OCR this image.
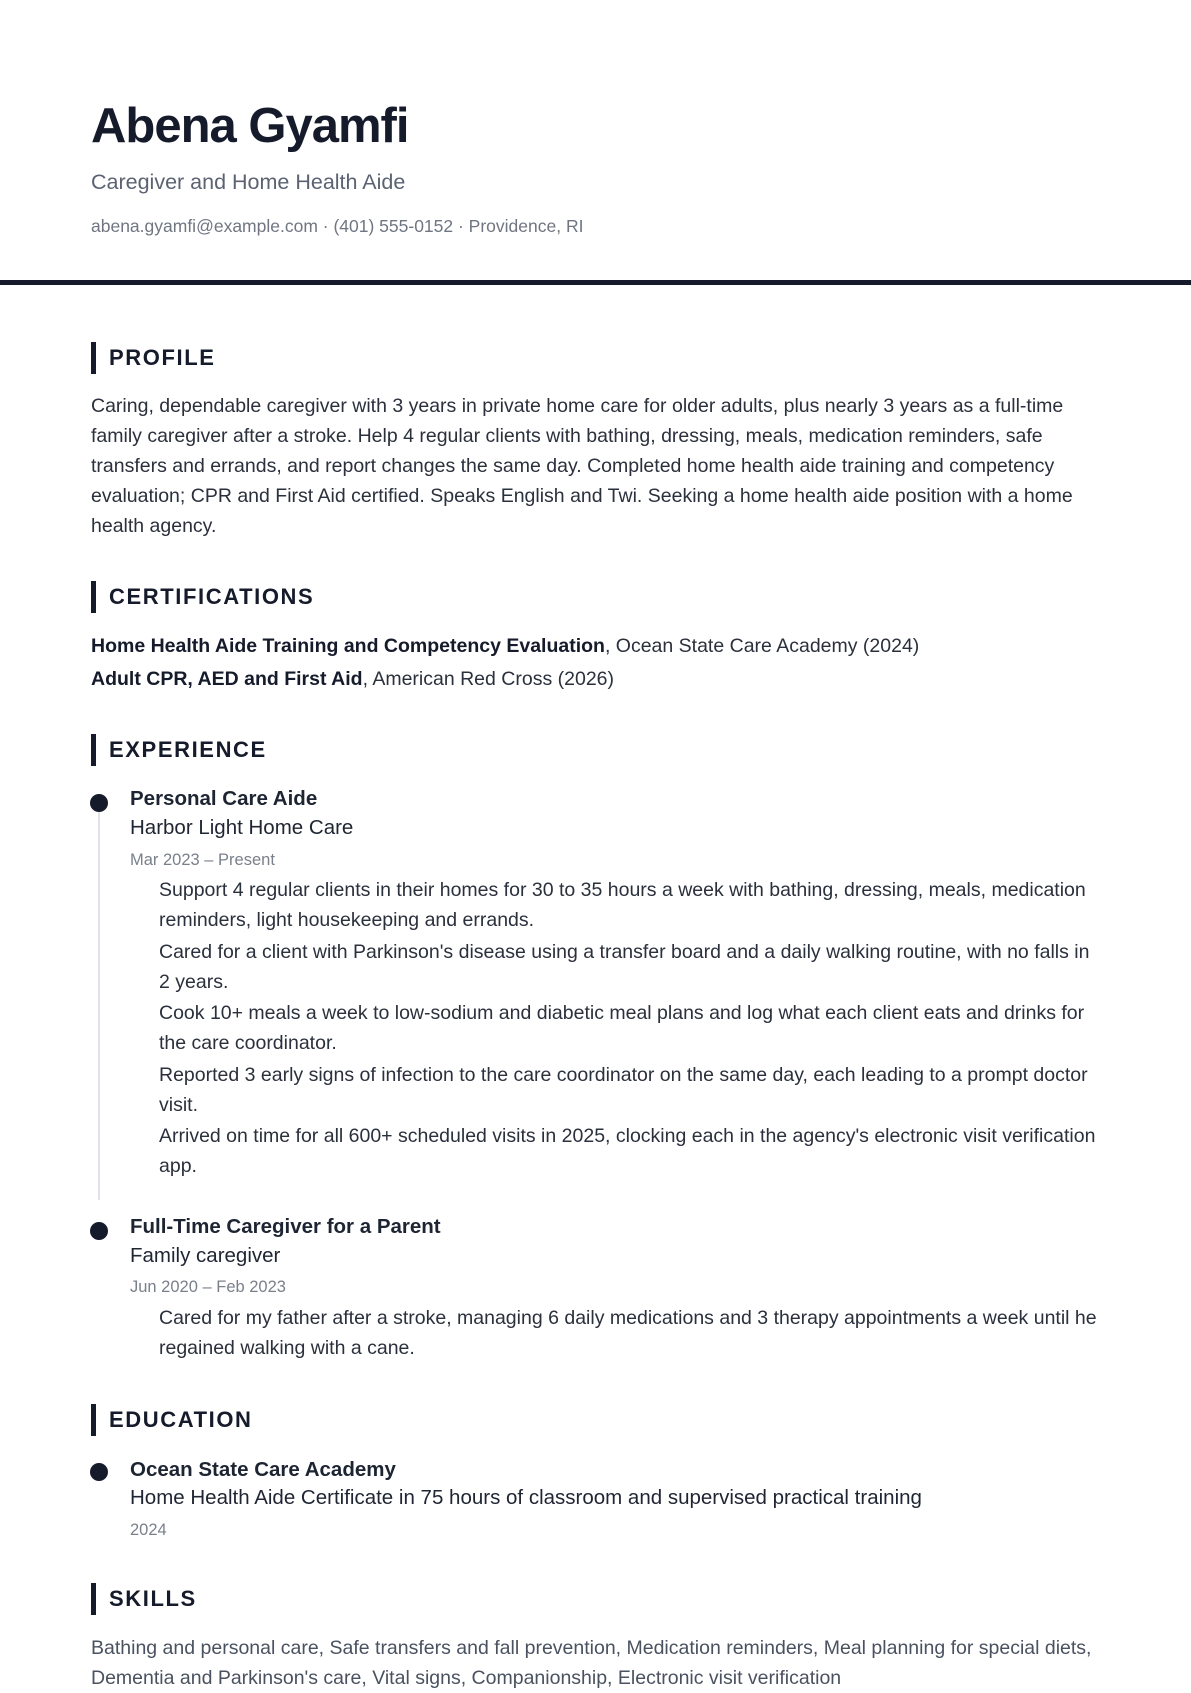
Abena Gyamfi
Caregiver and Home Health Aide
abena.gyamfi@example.com · (401) 555-0152 · Providence, RI
PROFILE

Caring, dependable caregiver with 3 years in private home care for older adults, plus nearly 3 years as a full-time family caregiver after a stroke. Help 4 regular clients with bathing, dressing, meals, medication reminders, safe transfers and errands, and report changes the same day. Completed home health aide training and competency evaluation; CPR and First Aid certified. Speaks English and Twi. Seeking a home health aide position with a home health agency.

CERTIFICATIONS
Home Health Aide Training and Competency Evaluation, Ocean State Care Academy (2024)
Adult CPR, AED and First Aid, American Red Cross (2026)
EXPERIENCE
Personal Care Aide
Harbor Light Home Care
Mar 2023 – Present

Support 4 regular clients in their homes for 30 to 35 hours a week with bathing, dressing, meals, medication reminders, light housekeeping and errands.

Cared for a client with Parkinson's disease using a transfer board and a daily walking routine, with no falls in 2 years.

Cook 10+ meals a week to low-sodium and diabetic meal plans and log what each client eats and drinks for the care coordinator.

Reported 3 early signs of infection to the care coordinator on the same day, each leading to a prompt doctor visit.

Arrived on time for all 600+ scheduled visits in 2025, clocking each in the agency's electronic visit verification app.

Full-Time Caregiver for a Parent
Family caregiver
Jun 2020 – Feb 2023

Cared for my father after a stroke, managing 6 daily medications and 3 therapy appointments a week until he regained walking with a cane.

EDUCATION
Ocean State Care Academy
Home Health Aide Certificate in 75 hours of classroom and supervised practical training
2024
SKILLS

Bathing and personal care, Safe transfers and fall prevention, Medication reminders, Meal planning for special diets, Dementia and Parkinson's care, Vital signs, Companionship, Electronic visit verification
